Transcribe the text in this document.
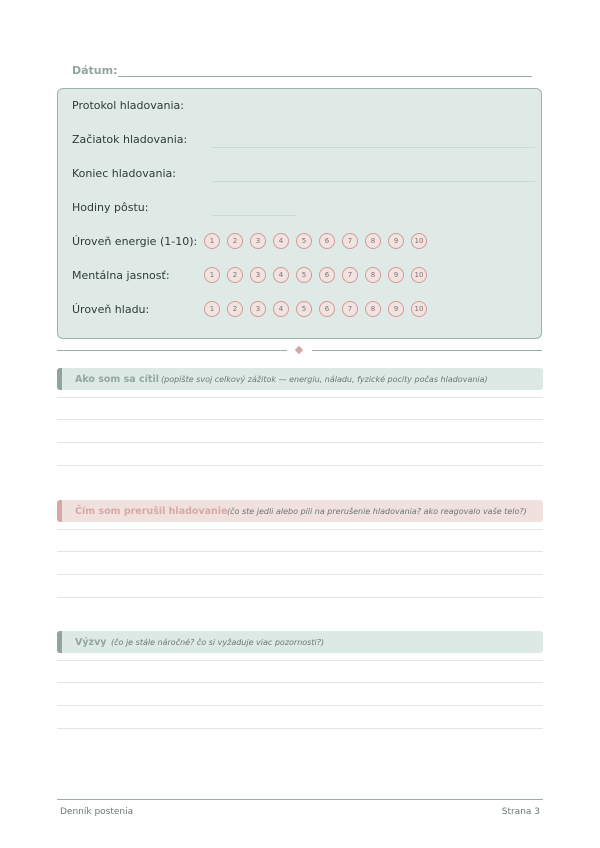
Dátum:
Protokol hladovania:
Začiatok hladovania:
Koniec hladovania:
Hodiny pôstu:
Úroveň energie (1-10):	1	2	3	4	5	6	7	8	9	10
Mentálna jasnosť:	1	2	3	4	5	6	7	8	9	10
Úroveň hladu:	1	2	3	4	5	6	7	8	9	10
Ako som sa cítil (popíšte svoj celkový zážitok — energiu, náladu, fyzické pocity počas hladovania)
Čím som prerušil hladovanie (čo ste jedli alebo pili na prerušenie hladovania? ako reagovalo vaše telo?)
Výzvy (čo je stále náročné? čo si vyžaduje viac pozornosti?)
Denník postenia	Strana 3
